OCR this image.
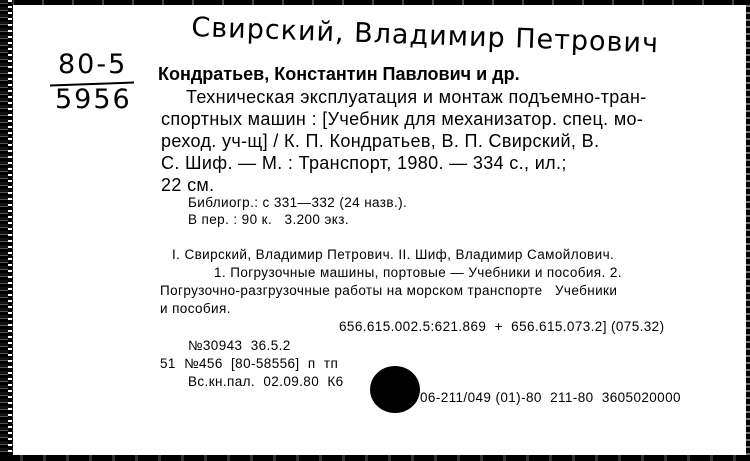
Свирский, Владимир Петрович
80-5
5956
Кондратьев, Константин Павлович и др.
Техническая эксплуатация и монтаж подъемно-тран-
спортных машин : [Учебник для механизатор. спец. мо-
реход. уч-щ] / К. П. Кондратьев, В. П. Свирский, В.
С. Шиф. — М. : Транспорт, 1980. — 334 с., ил.;
22 см.
Библиогр.: с 331—332 (24 назв.).
В пер. : 90 к.   3.200 экз.
I. Свирский, Владимир Петрович. II. Шиф, Владимир Самойлович.
1. Погрузочные машины, портовые — Учебники и пособия. 2.
Погрузочно-разгрузочные работы на морском транспорте   Учебники
и пособия.
656.615.002.5:621.869  +  656.615.073.2] (075.32)
№30943  36.5.2
51  №456  [80-58556]  п  тп
Вс.кн.пал.  02.09.80  К6
06-211/049 (01)-80  211-80  3605020000
